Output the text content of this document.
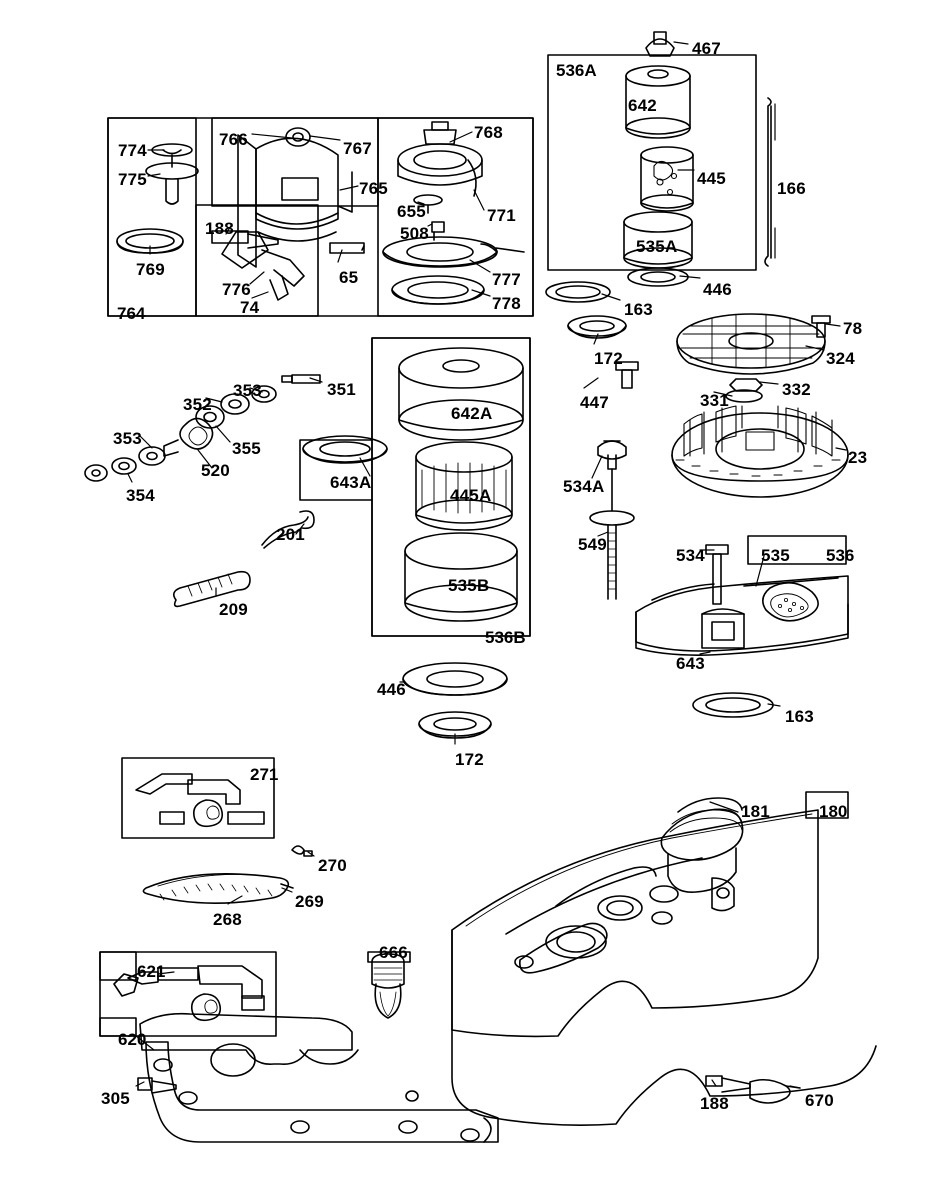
467
536A
642
445
166
535A
446
774
766	767
768
775	765
655	771
188	508
769
777
163
65
776
74	778
764
78
324
172
331
332
447
351
353
352	642A
355
353
23
520
354
643A
445A	534A
549
201
534	535 536
535B
209
536B
643
446
163
172
271
181	180
270
269
268
666
621
620
305	188	670
